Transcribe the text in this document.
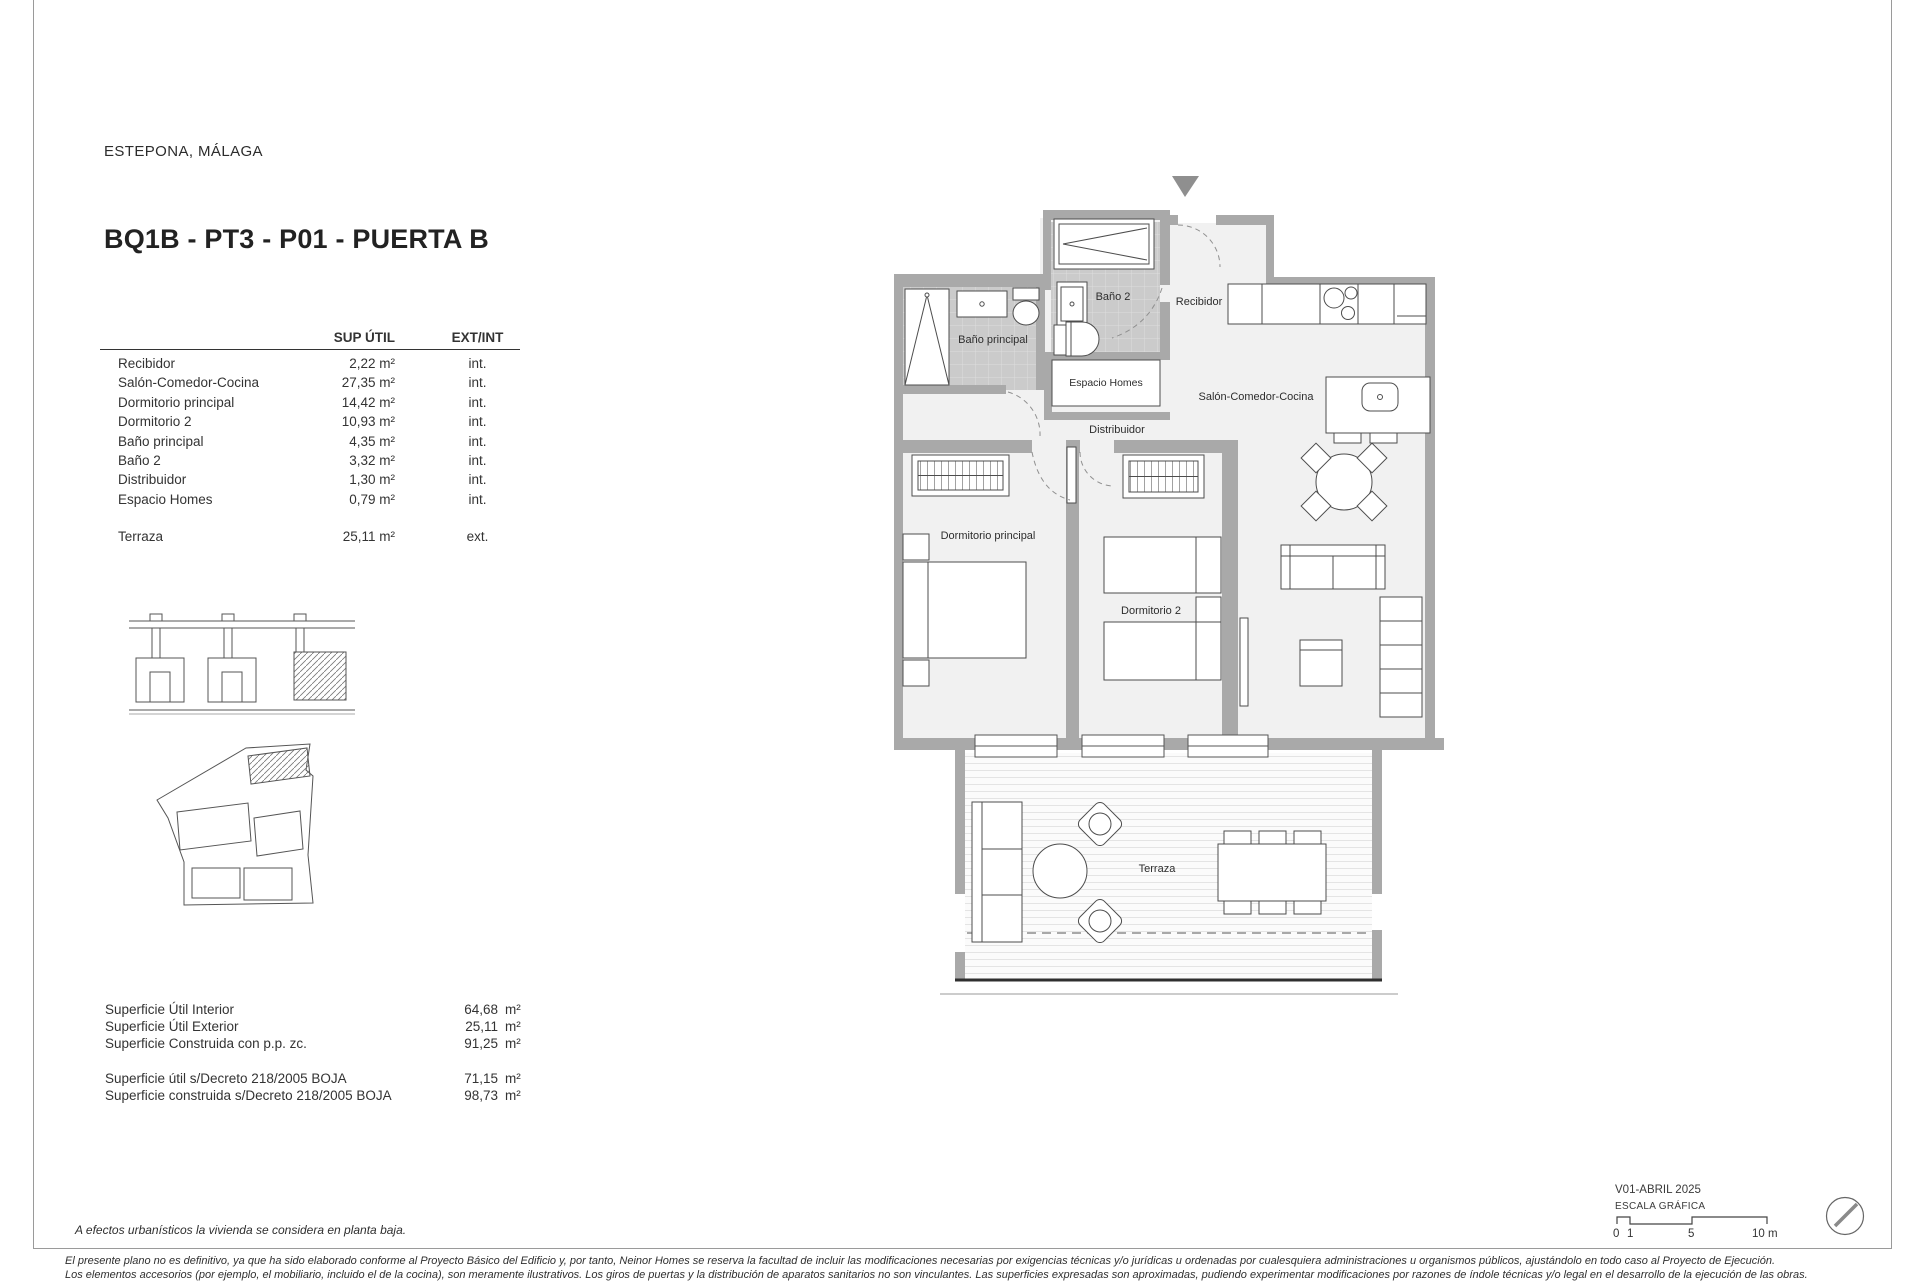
ESTEPONA, MÁLAGA
BQ1B - PT3 - P01 - PUERTA B
SUP ÚTIL	EXT/INT
Recibidor	2,22 m²	int.
Salón-Comedor-Cocina	27,35 m²	int.
Dormitorio principal	14,42 m²	int.
Dormitorio 2	10,93 m²	int.
Baño principal	4,35 m²	int.
Baño 2	3,32 m²	int.
Distribuidor	1,30 m²	int.
Espacio Homes	0,79 m²	int.
Terraza	25,11 m²	ext.
Baño principal
Baño 2	Recibidor
Espacio Homes
Distribuidor
Salón-Comedor-Cocina
Dormitorio principal
Dormitorio 2
Terraza
Superficie Útil Interior	64,68 m²
Superficie Útil Exterior	25,11 m²
Superficie Construida con p.p. zc.	91,25 m²
Superficie útil s/Decreto 218/2005 BOJA	71,15 m²
Superficie construida s/Decreto 218/2005 BOJA	98,73 m²
V01-ABRIL 2025
ESCALA GRÁFICA
0 1	5	10 m
A efectos urbanísticos la vivienda se considera en planta baja.
El presente plano no es definitivo, ya que ha sido elaborado conforme al Proyecto Básico del Edificio y, por tanto, Neinor Homes se reserva la facultad de incluir las modificaciones necesarias por exigencias técnicas y/o jurídicas u ordenadas por cualesquiera administraciones u organismos públicos, ajustándolo en todo caso al Proyecto de Ejecución.
Los elementos accesorios (por ejemplo, el mobiliario, incluido el de la cocina), son meramente ilustrativos. Los giros de puertas y la distribución de aparatos sanitarios no son vinculantes. Las superficies expresadas son aproximadas, pudiendo experimentar modificaciones por razones de índole técnicas y/o legal en el desarrollo de la ejecución de las obras.
